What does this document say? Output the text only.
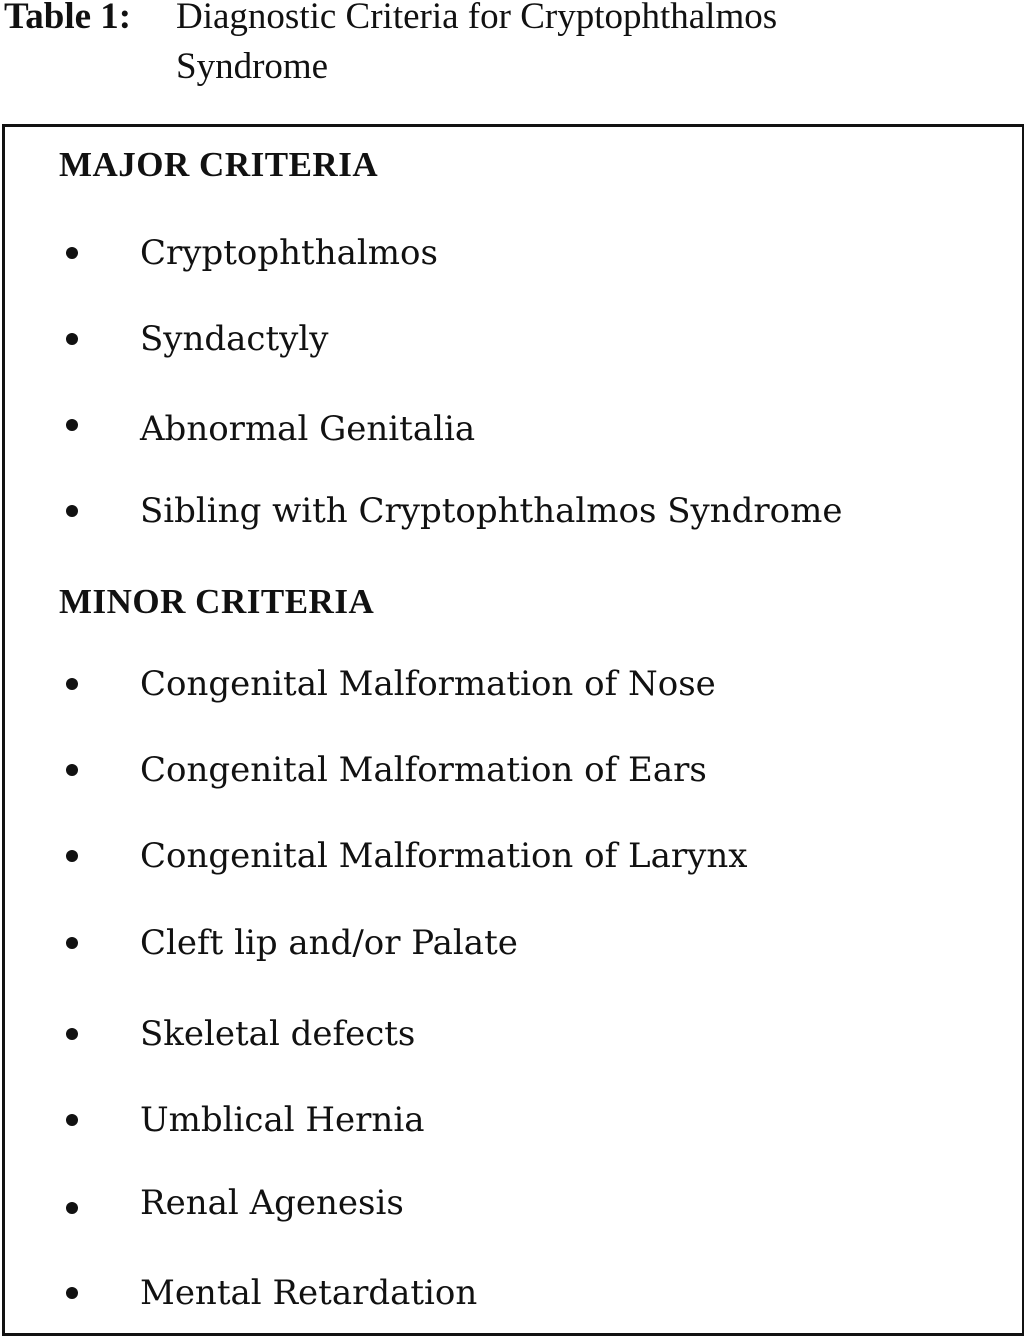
Table 1: Diagnostic Criteria for Cryptophthalmos
Syndrome
MAJOR CRITERIA
Cryptophthalmos
Syndactyly
Abnormal Genitalia
Sibling with Cryptophthalmos Syndrome
MINOR CRITERIA
Congenital Malformation of Nose
Congenital Malformation of Ears
Congenital Malformation of Larynx
Cleft lip and/or Palate
Skeletal defects
Umblical Hernia
Renal Agenesis
Mental Retardation
